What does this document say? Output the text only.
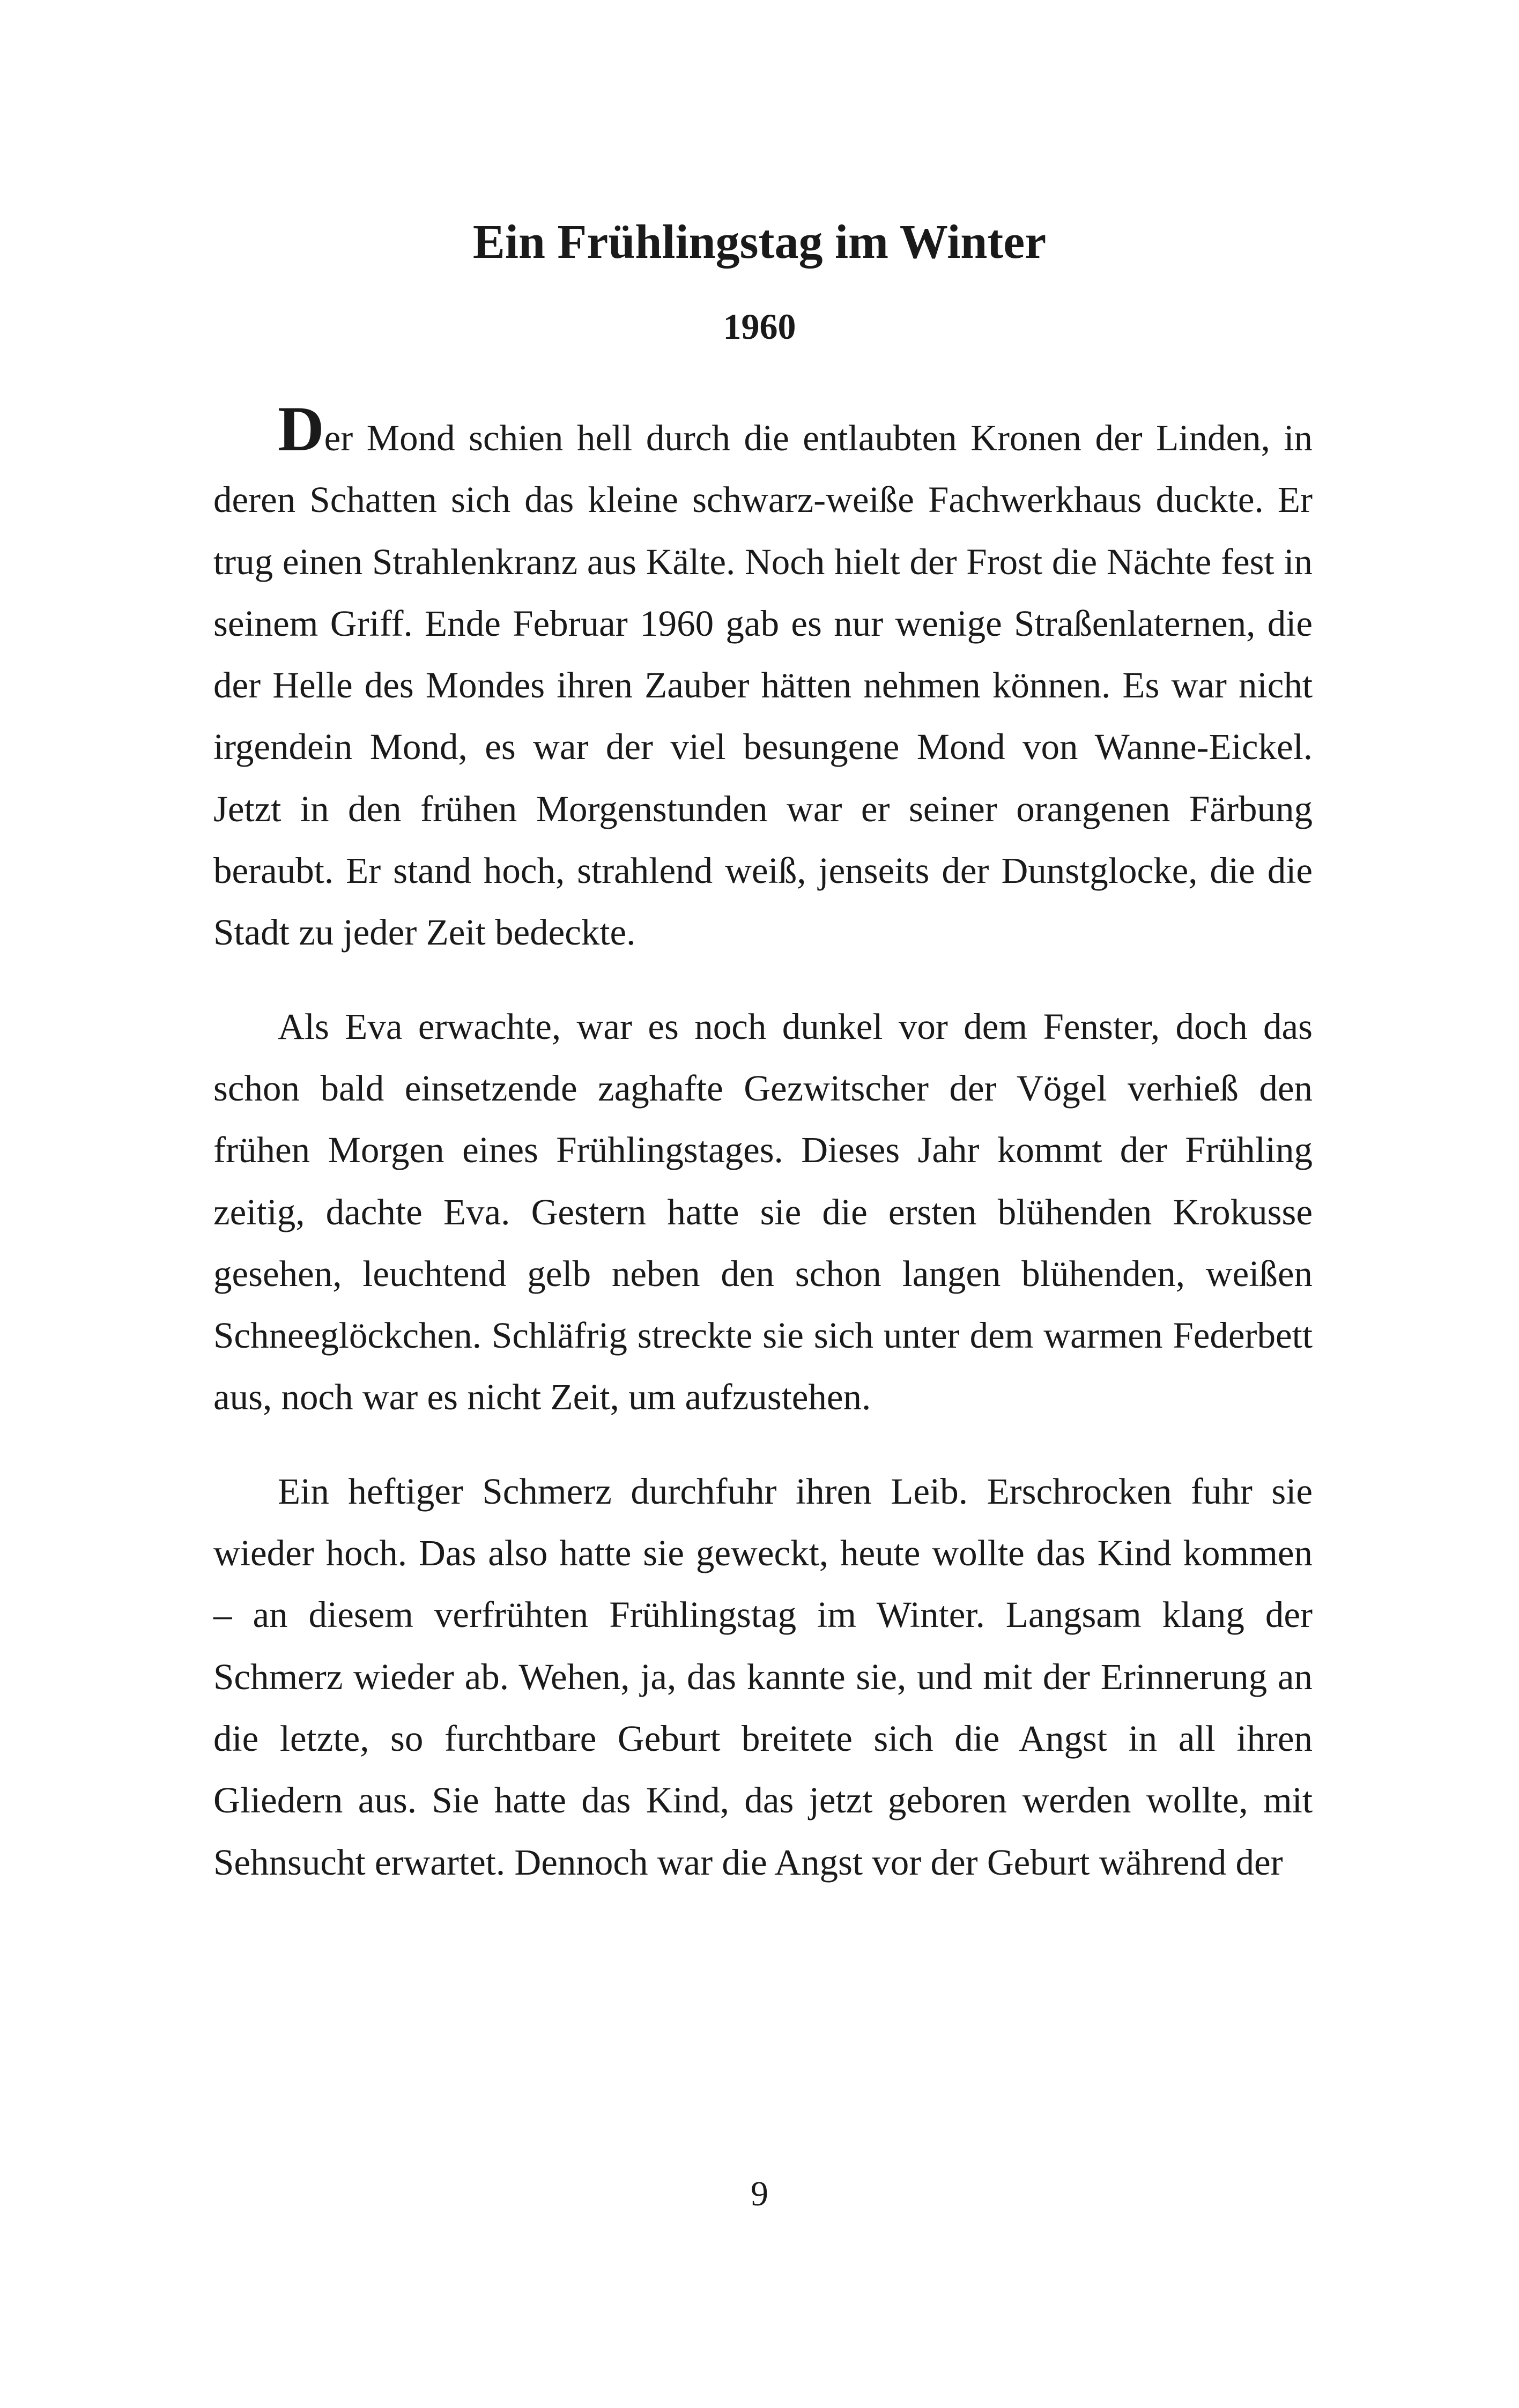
Ein Frühlingstag im Winter
1960

Der Mond schien hell durch die entlaubten Kronen der Linden, in deren Schatten sich das kleine schwarz-weiße Fachwerkhaus duckte. Er trug einen Strahlenkranz aus Kälte. Noch hielt der Frost die Nächte fest in seinem Griff. Ende Februar 1960 gab es nur wenige Straßenlaternen, die der Helle des Mondes ihren Zauber hätten nehmen können. Es war nicht irgendein Mond, es war der viel besungene Mond von Wanne-Eickel. Jetzt in den frühen Morgenstunden war er seiner orangenen Färbung beraubt. Er stand hoch, strahlend weiß, jenseits der Dunstglocke, die die Stadt zu jeder Zeit bedeckte.

Als Eva erwachte, war es noch dunkel vor dem Fenster, doch das schon bald einsetzende zaghafte Gezwitscher der Vögel verhieß den frühen Morgen eines Frühlingstages. Dieses Jahr kommt der Frühling zeitig, dachte Eva. Gestern hatte sie die ersten blühenden Krokusse gesehen, leuchtend gelb neben den schon langen blühenden, weißen Schneeglöckchen. Schläfrig streckte sie sich unter dem warmen Federbett aus, noch war es nicht Zeit, um aufzustehen.

Ein heftiger Schmerz durchfuhr ihren Leib. Erschrocken fuhr sie wieder hoch. Das also hatte sie geweckt, heute wollte das Kind kommen – an diesem verfrühten Frühlingstag im Winter. Langsam klang der Schmerz wieder ab. Wehen, ja, das kannte sie, und mit der Erinnerung an die letzte, so furchtbare Geburt breitete sich die Angst in all ihren Gliedern aus. Sie hatte das Kind, das jetzt geboren werden wollte, mit Sehnsucht erwartet. Dennoch war die Angst vor der Geburt während der

9
